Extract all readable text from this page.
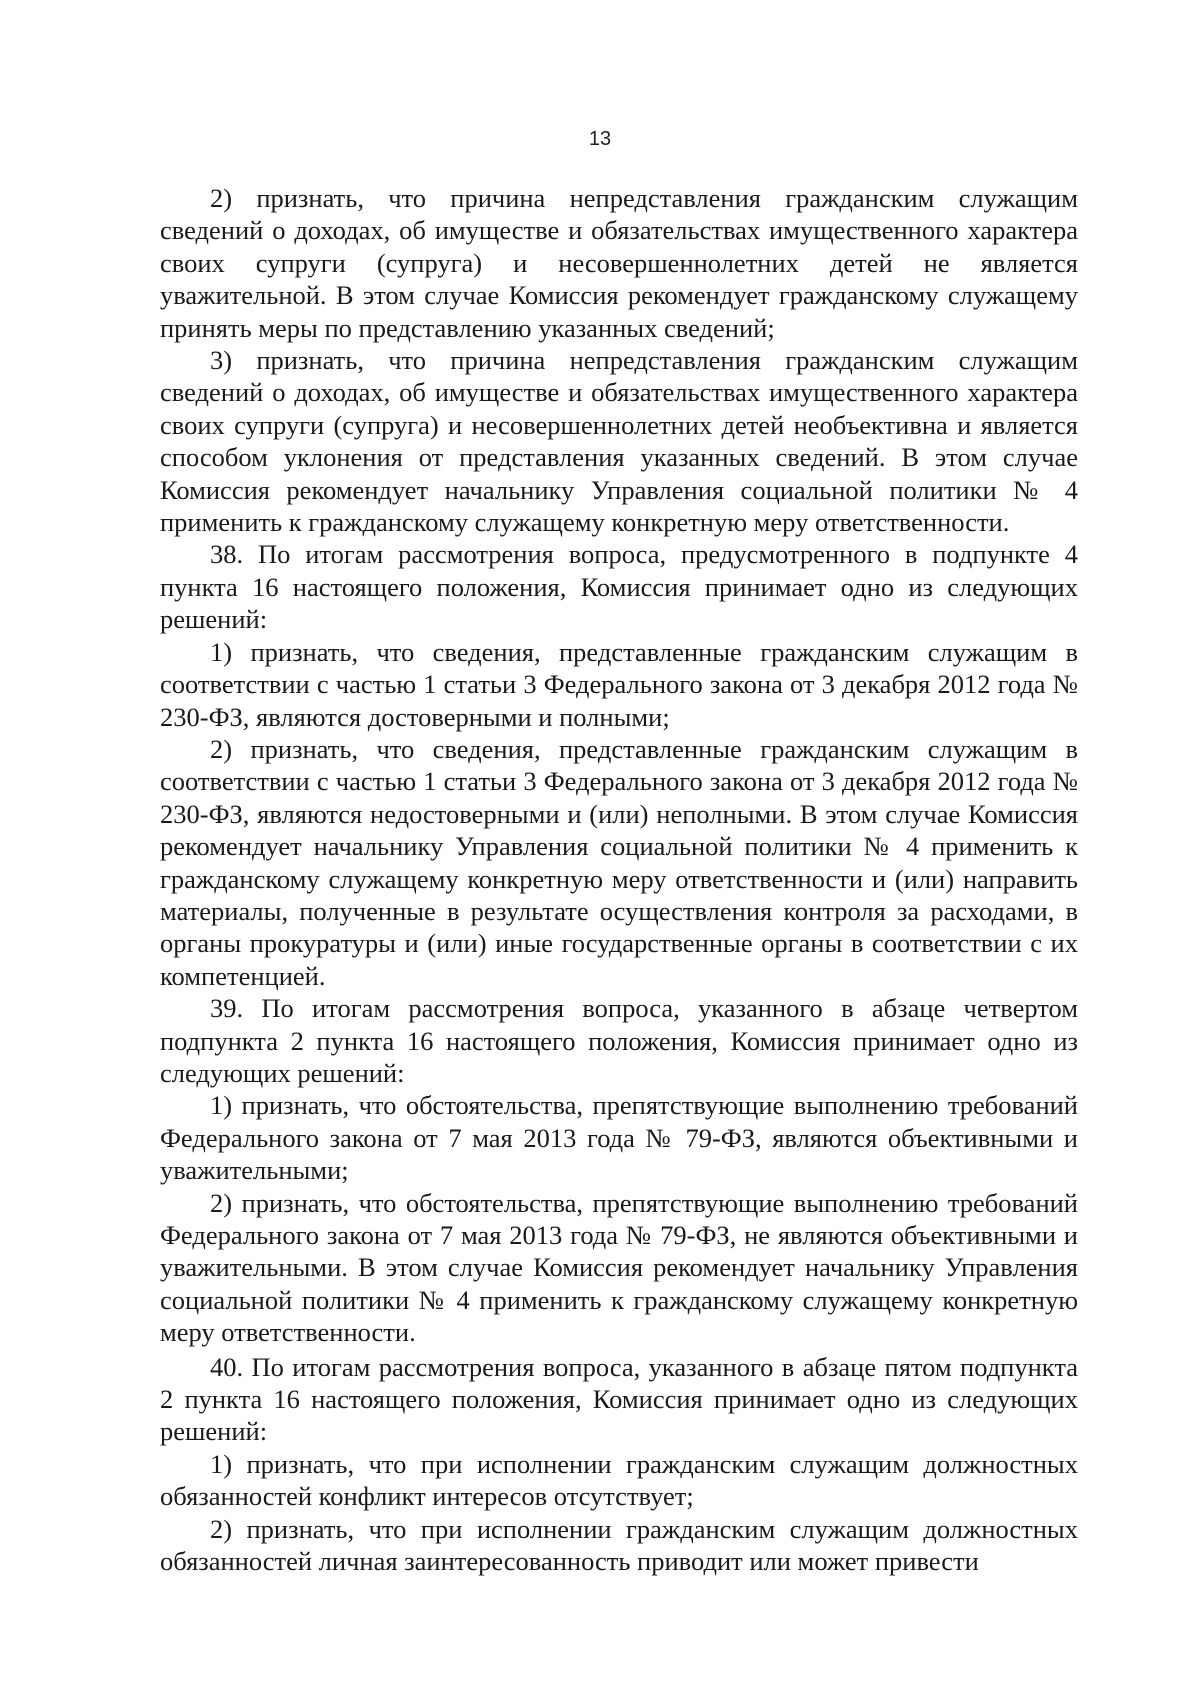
13

2) признать, что причина непредставления гражданским служащим сведений о доходах, об имуществе и обязательствах имущественного характера своих супруги (супруга) и несовершеннолетних детей не является уважительной. В этом случае Комиссия рекомендует гражданскому служащему принять меры по представлению указанных сведений;

3) признать, что причина непредставления гражданским служащим сведений о доходах, об имуществе и обязательствах имущественного характера своих супруги (супруга) и несовершеннолетних детей необъективна и является способом уклонения от представления указанных сведений. В этом случае Комиссия рекомендует начальнику Управления социальной политики № 4 применить к гражданскому служащему конкретную меру ответственности.

38. По итогам рассмотрения вопроса, предусмотренного в подпункте 4 пункта 16 настоящего положения, Комиссия принимает одно из следующих решений:

1) признать, что сведения, представленные гражданским служащим в соответствии с частью 1 статьи 3 Федерального закона от 3 декабря 2012 года № 230-ФЗ, являются достоверными и полными;

2) признать, что сведения, представленные гражданским служащим в соответствии с частью 1 статьи 3 Федерального закона от 3 декабря 2012 года № 230-ФЗ, являются недостоверными и (или) неполными. В этом случае Комиссия рекомендует начальнику Управления социальной политики № 4 применить к гражданскому служащему конкретную меру ответственности и (или) направить материалы, полученные в результате осуществления контроля за расходами, в органы прокуратуры и (или) иные государственные органы в соответствии с их компетенцией.

39. По итогам рассмотрения вопроса, указанного в абзаце четвертом подпункта 2 пункта 16 настоящего положения, Комиссия принимает одно из следующих решений:

1) признать, что обстоятельства, препятствующие выполнению требований Федерального закона от 7 мая 2013 года № 79-ФЗ, являются объективными и уважительными;

2) признать, что обстоятельства, препятствующие выполнению требований Федерального закона от 7 мая 2013 года № 79-ФЗ, не являются объективными и уважительными. В этом случае Комиссия рекомендует начальнику Управления социальной политики № 4 применить к гражданскому служащему конкретную меру ответственности.

40. По итогам рассмотрения вопроса, указанного в абзаце пятом подпункта 2 пункта 16 настоящего положения, Комиссия принимает одно из следующих решений:

1) признать, что при исполнении гражданским служащим должностных обязанностей конфликт интересов отсутствует;

2) признать, что при исполнении гражданским служащим должностных обязанностей личная заинтересованность приводит или может привести
